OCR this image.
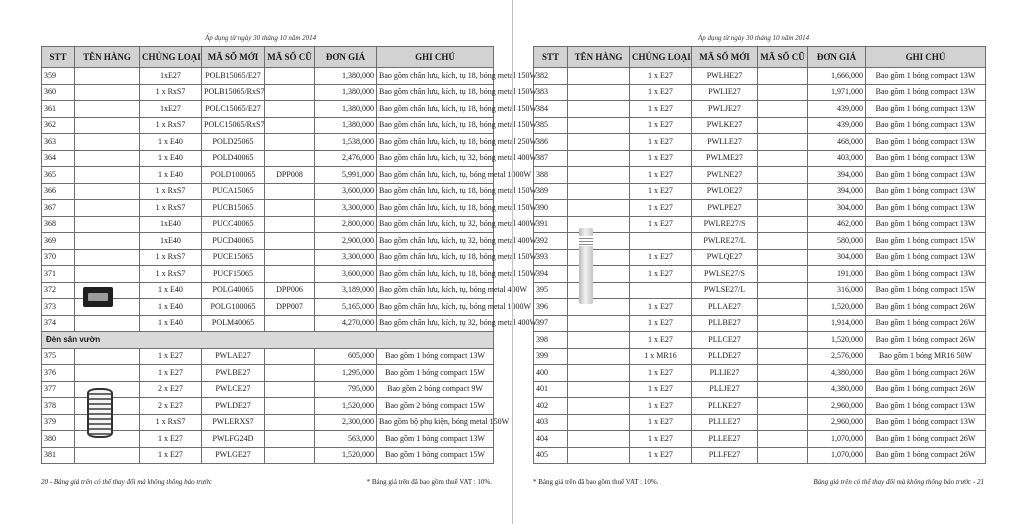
Áp dụng từ ngày 30 tháng 10 năm 2014
STT	TÊN HÀNG	CHỦNG LOẠI	MÃ SỐ MỚI	MÃ SỐ CŨ	ĐƠN GIÁ	GHI CHÚ
359		1xE27	POLB15065/E27		1,380,000	Bao gồm chấn lưu, kích, tụ 18, bóng metal 150W
360		1 x RxS7	POLB15065/RxS7		1,380,000	Bao gồm chấn lưu, kích, tụ 18, bóng metal 150W
361		1xE27	POLC15065/E27		1,380,000	Bao gồm chấn lưu, kích, tụ 18, bóng metal 150W
362		1 x RxS7	POLC15065/RxS7		1,380,000	Bao gồm chấn lưu, kích, tụ 18, bóng metal 150W
363		1 x E40	POLD25065		1,538,000	Bao gồm chấn lưu, kích, tụ 18, bóng metal 250W
364		1 x E40	POLD40065		2,476,000	Bao gồm chấn lưu, kích, tụ 32, bóng metal 400W
365		1 x E40	POLD100065	DPP008	5,991,000	Bao gồm chấn lưu, kích, tụ, bóng metal 1000W
366		1 x RxS7	PUCA15065		3,600,000	Bao gồm chấn lưu, kích, tụ 18, bóng metal 150W
367		1 x RxS7	PUCB15065		3,300,000	Bao gồm chấn lưu, kích, tụ 18, bóng metal 150W
368		1xE40	PUCC40065		2,800,000	Bao gồm chấn lưu, kích, tụ 32, bóng metal 400W
369		1xE40	PUCD40065		2,900,000	Bao gồm chấn lưu, kích, tụ 32, bóng metal 400W
370		1 x RxS7	PUCE15065		3,300,000	Bao gồm chấn lưu, kích, tụ 18, bóng metal 150W
371		1 x RxS7	PUCF15065		3,600,000	Bao gồm chấn lưu, kích, tụ 18, bóng metal 150W
372		1 x E40	POLG40065	DPP006	3,189,000	Bao gồm chấn lưu, kích, tụ, bóng metal 400W
373		1 x E40	POLG100065	DPP007	5,165,000	Bao gồm chấn lưu, kích, tụ, bóng metal 1000W
374		1 x E40	POLM40065		4,270,000	Bao gồm chấn lưu, kích, tụ 32, bóng metal 400W
Đèn sân vườn						
375		1 x E27	PWLAE27		605,000	Bao gồm 1 bóng compact 13W
376		1 x E27	PWLBE27		1,295,000	Bao gồm 1 bóng compact 15W
377		2 x E27	PWLCE27		795,000	Bao gồm 2 bóng compact 9W
378		2 x E27	PWLDE27		1,520,000	Bao gồm 2 bóng compact 15W
379		1 x RxS7	PWLERXS7		2,300,000	Bao gồm bộ phụ kiện, bóng metal 150W
380		1 x E27	PWLFG24D		563,000	Bao gồm 1 bóng compact 13W
381		1 x E27	PWLGE27		1,520,000	Bao gồm 1 bóng compact 15W
20 - Bảng giá trên có thể thay đổi mà không thông báo trước	* Bảng giá trên đã bao gồm thuế VAT : 10%.
Áp dụng từ ngày 30 tháng 10 năm 2014
STT	TÊN HÀNG	CHỦNG LOẠI	MÃ SỐ MỚI	MÃ SỐ CŨ	ĐƠN GIÁ	GHI CHÚ
382		1 x E27	PWLHE27		1,666,000	Bao gồm 1 bóng compact 13W
383		1 x E27	PWLIE27		1,971,000	Bao gồm 1 bóng compact 13W
384		1 x E27	PWLJE27		439,000	Bao gồm 1 bóng compact 13W
385		1 x E27	PWLKE27		439,000	Bao gồm 1 bóng compact 13W
386		1 x E27	PWLLE27		468,000	Bao gồm 1 bóng compact 13W
387		1 x E27	PWLME27		403,000	Bao gồm 1 bóng compact 13W
388		1 x E27	PWLNE27		394,000	Bao gồm 1 bóng compact 13W
389		1 x E27	PWLOE27		394,000	Bao gồm 1 bóng compact 13W
390		1 x E27	PWLPE27		304,000	Bao gồm 1 bóng compact 13W
391		1 x E27	PWLRE27/S		462,000	Bao gồm 1 bóng compact 13W
392			PWLRE27/L		580,000	Bao gồm 1 bóng compact 15W
393		1 x E27	PWLQE27		304,000	Bao gồm 1 bóng compact 13W
394		1 x E27	PWLSE27/S		191,000	Bao gồm 1 bóng compact 13W
395			PWLSE27/L		316,000	Bao gồm 1 bóng compact 15W
396		1 x E27	PLLAE27		1,520,000	Bao gồm 1 bóng compact 26W
397		1 x E27	PLLBE27		1,914,000	Bao gồm 1 bóng compact 26W
398		1 x E27	PLLCE27		1,520,000	Bao gồm 1 bóng compact 26W
399		1 x MR16	PLLDE27		2,576,000	Bao gồm 1 bóng MR16 50W
400		1 x E27	PLLIE27		4,380,000	Bao gồm 1 bóng compact 26W
401		1 x E27	PLLJE27		4,380,000	Bao gồm 1 bóng compact 26W
402		1 x E27	PLLKE27		2,960,000	Bao gồm 1 bóng compact 13W
403		1 x E27	PLLLE27		2,960,000	Bao gồm 1 bóng compact 13W
404		1 x E27	PLLEE27		1,070,000	Bao gồm 1 bóng compact 26W
405		1 x E27	PLLFE27		1,070,000	Bao gồm 1 bóng compact 26W
* Bảng giá trên đã bao gồm thuế VAT : 10%.	Bảng giá trên có thể thay đổi mà không thông báo trước - 21
